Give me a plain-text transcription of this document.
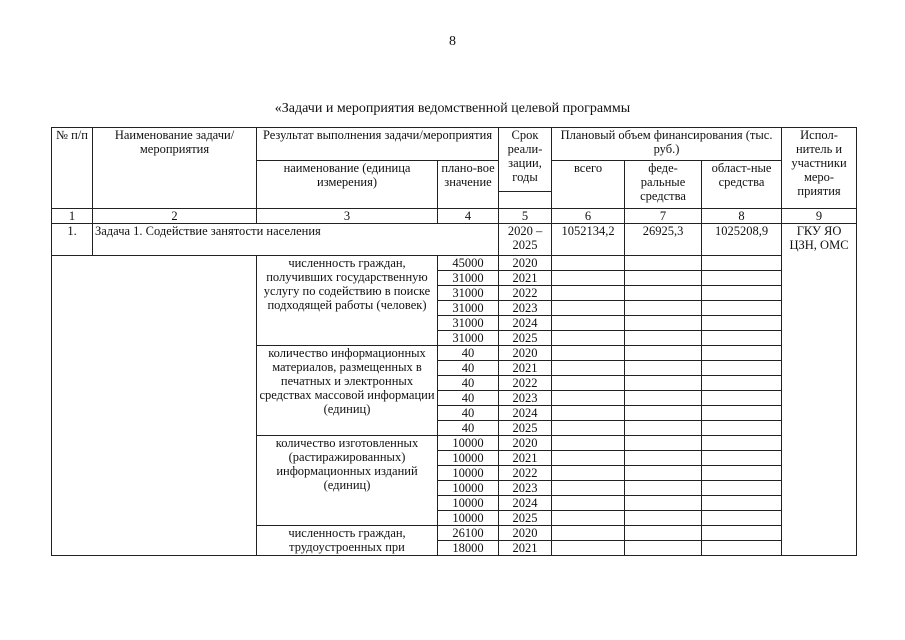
8
«Задачи и мероприятия ведомственной целевой программы
№ п/п	Наименование задачи/мероприятия	Результат выполнения задачи/мероприятия		Срок реали-зации, годы	Плановый объем финансирования (тыс. руб.)			Испол-нитель и участники меро-приятия
		наименование (единица измерения)	плано-вое значение		всего	феде-ральные средства	област-ные средства	

1	2	3	4	5	6	7	8	9
1.	Задача 1. Содействие занятости населения			2020 – 2025	1052134,2	26925,3	1025208,9	ГКУ ЯО ЦЗН, ОМС
		численность граждан, получивших государственную услугу по содействию в поиске подходящей работы (человек)	45000	2020				
			31000	2021				
			31000	2022				
			31000	2023				
			31000	2024				
			31000	2025				
		количество информационных материалов, размещенных в печатных и электронных средствах массовой информации (единиц)	40	2020				
			40	2021				
			40	2022				
			40	2023				
			40	2024				
			40	2025				
		количество изготовленных (растиражированных) информационных изданий (единиц)	10000	2020				
			10000	2021				
			10000	2022				
			10000	2023				
			10000	2024				
			10000	2025				
		численность граждан, трудоустроенных при	26100	2020				
			18000	2021				
